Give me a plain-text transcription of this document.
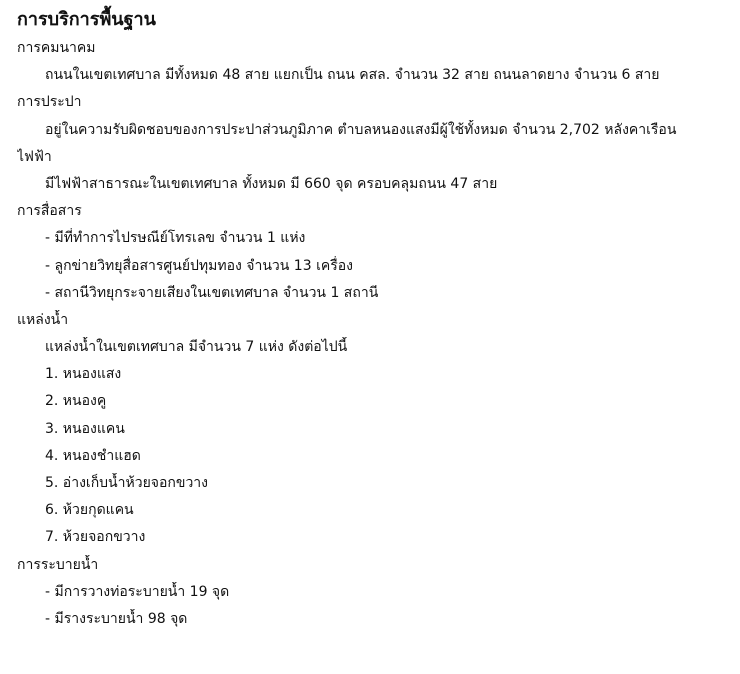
การบริการพื้นฐาน
การคมนาคม
ถนนในเขตเทศบาล มีทั้งหมด 48 สาย แยกเป็น ถนน คสล. จำนวน 32 สาย ถนนลาดยาง จำนวน 6 สาย
การประปา
อยู่ในความรับผิดชอบของการประปาส่วนภูมิภาค ตำบลหนองแสงมีผู้ใช้ทั้งหมด จำนวน 2,702 หลังคาเรือน
ไฟฟ้า
มีไฟฟ้าสาธารณะในเขตเทศบาล ทั้งหมด มี 660 จุด ครอบคลุมถนน 47 สาย
การสื่อสาร
- มีที่ทำการไปรษณีย์โทรเลข จำนวน 1 แห่ง
- ลูกข่ายวิทยุสื่อสารศูนย์ปทุมทอง จำนวน 13 เครื่อง
- สถานีวิทยุกระจายเสียงในเขตเทศบาล จำนวน 1 สถานี
แหล่งน้ำ
แหล่งน้ำในเขตเทศบาล มีจำนวน 7 แห่ง ดังต่อไปนี้
1. หนองแสง
2. หนองคู
3. หนองแคน
4. หนองชำแฮด
5. อ่างเก็บน้ำห้วยจอกขวาง
6. ห้วยกุดแคน
7. ห้วยจอกขวาง
การระบายน้ำ
- มีการวางท่อระบายน้ำ 19 จุด
- มีรางระบายน้ำ 98 จุด
